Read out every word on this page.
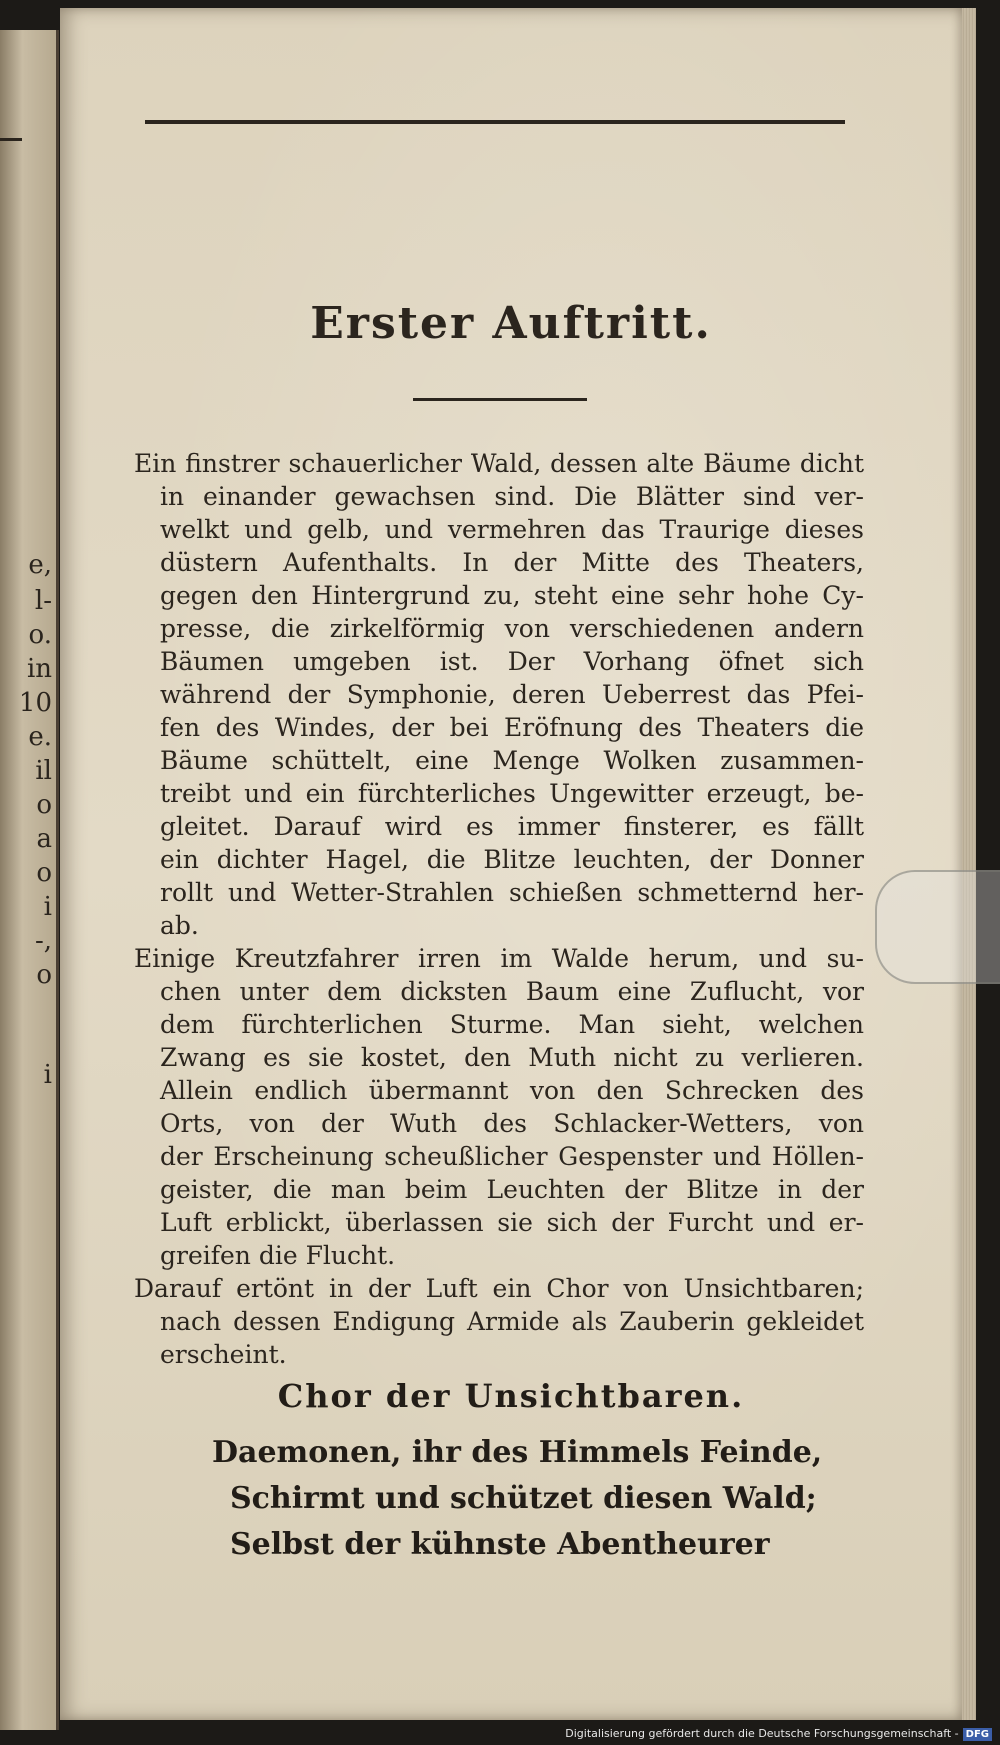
e,
l-
o.
in
10
e.
il
o
a
o
i
-,
o
i
Erster Auftritt.
Ein finstrer schauerlicher Wald, dessen alte Bäume dicht
in einander gewachsen sind. Die Blätter sind ver-
welkt und gelb, und vermehren das Traurige dieses
düstern Aufenthalts. In der Mitte des Theaters,
gegen den Hintergrund zu, steht eine sehr hohe Cy-
presse, die zirkelförmig von verschiedenen andern
Bäumen umgeben ist. Der Vorhang öfnet sich
während der Symphonie, deren Ueberrest das Pfei-
fen des Windes, der bei Eröfnung des Theaters die
Bäume schüttelt, eine Menge Wolken zusammen-
treibt und ein fürchterliches Ungewitter erzeugt, be-
gleitet. Darauf wird es immer finsterer, es fällt
ein dichter Hagel, die Blitze leuchten, der Donner
rollt und Wetter-Strahlen schießen schmetternd her-
ab.
Einige Kreutzfahrer irren im Walde herum, und su-
chen unter dem dicksten Baum eine Zuflucht, vor
dem fürchterlichen Sturme. Man sieht, welchen
Zwang es sie kostet, den Muth nicht zu verlieren.
Allein endlich übermannt von den Schrecken des
Orts, von der Wuth des Schlacker-Wetters, von
der Erscheinung scheußlicher Gespenster und Höllen-
geister, die man beim Leuchten der Blitze in der
Luft erblickt, überlassen sie sich der Furcht und er-
greifen die Flucht.
Darauf ertönt in der Luft ein Chor von Unsichtbaren;
nach dessen Endigung Armide als Zauberin gekleidet
erscheint.
Chor der Unsichtbaren.
Daemonen, ihr des Himmels Feinde,
Schirmt und schützet diesen Wald;
Selbst der kühnste Abentheurer
Digitalisierung gefördert durch die Deutsche Forschungsgemeinschaft - DFG
